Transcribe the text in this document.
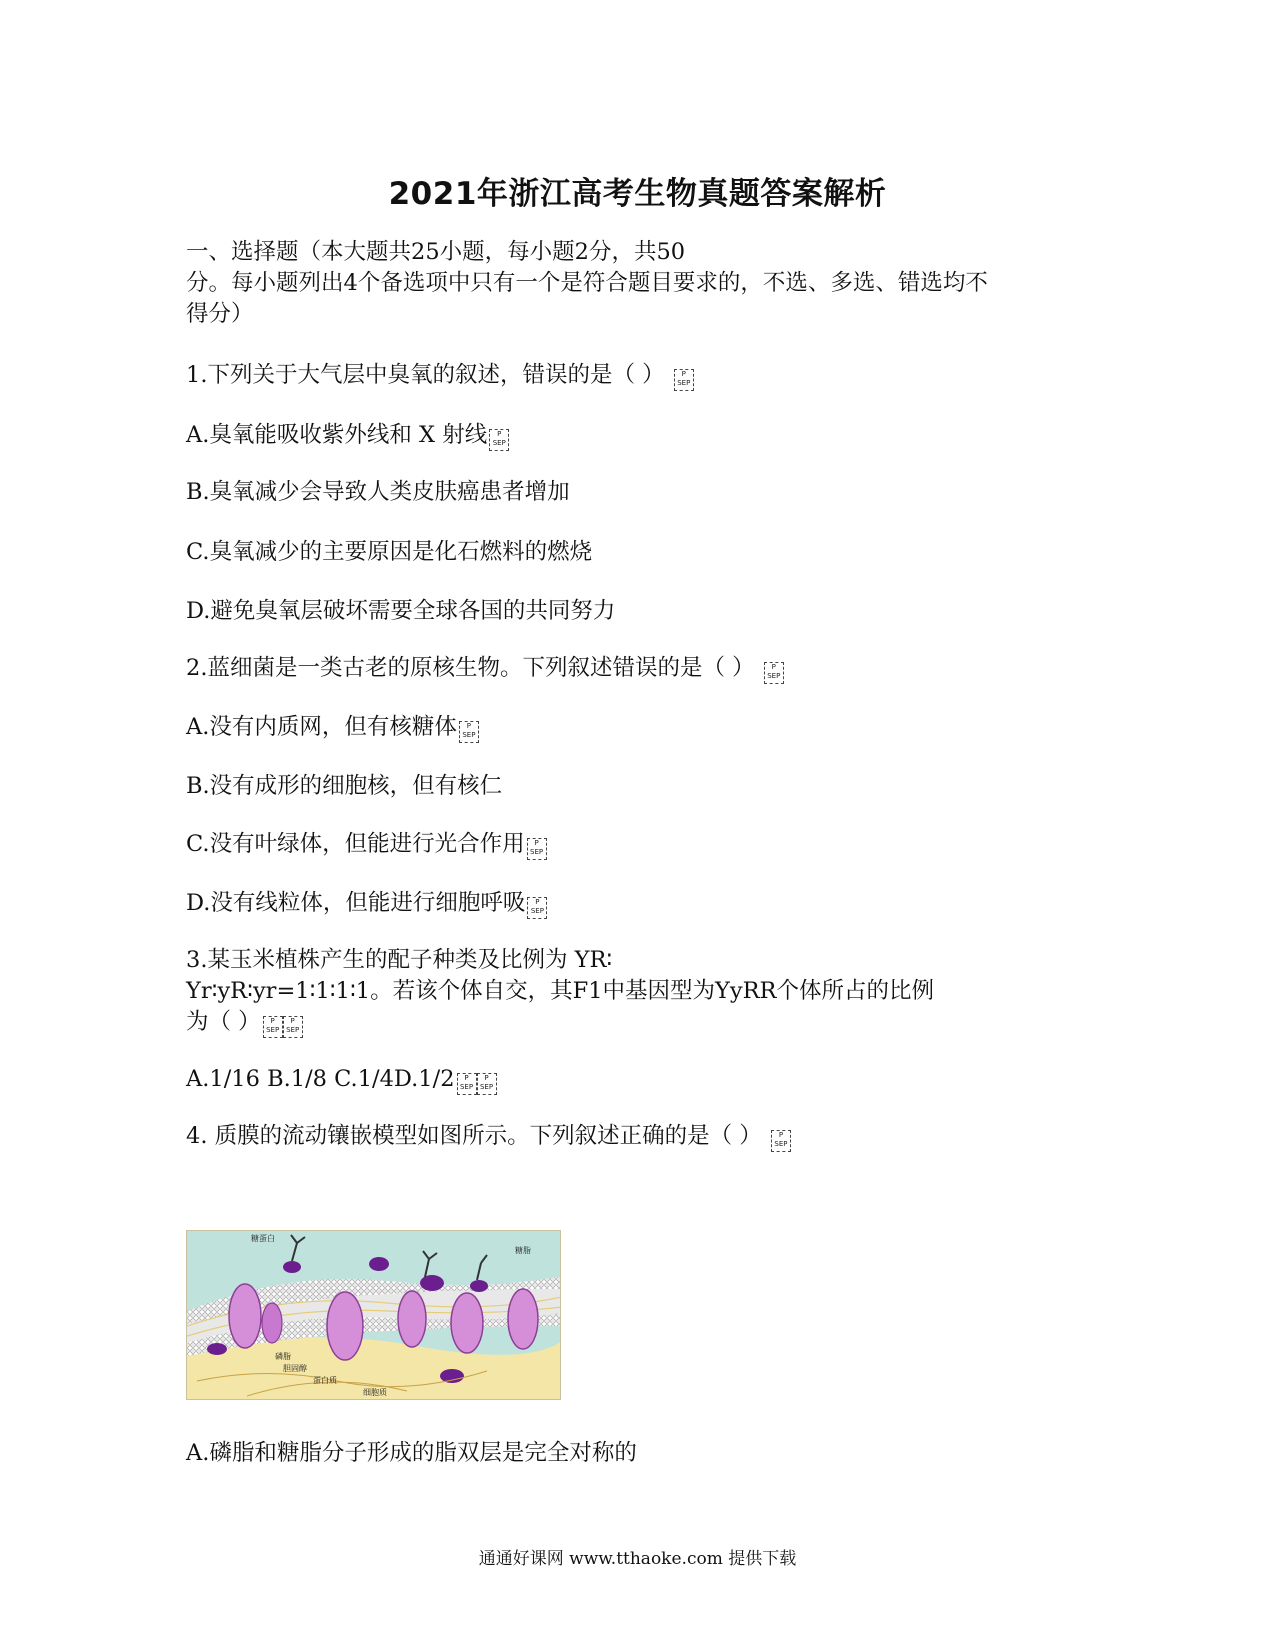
2021年浙江高考生物真题答案解析
一、选择题（本大题共25小题，每小题2分，共50
分。每小题列出4个备选项中只有一个是符合题目要求的，不选、多选、错选均不
得分）
1.下列关于大气层中臭氧的叙述，错误的是（ ）	P
SEP
A.臭氧能吸收紫外线和 X 射线	P
SEP
B.臭氧减少会导致人类皮肤癌患者增加
C.臭氧减少的主要原因是化石燃料的燃烧
D.避免臭氧层破坏需要全球各国的共同努力
2.蓝细菌是一类古老的原核生物。下列叙述错误的是（ ）	P
SEP
A.没有内质网，但有核糖体	P
SEP
B.没有成形的细胞核，但有核仁
C.没有叶绿体，但能进行光合作用	P
SEP
D.没有线粒体，但能进行细胞呼吸	P
SEP
3.某玉米植株产生的配子种类及比例为 YR∶
Yr∶yR∶yr=1∶1∶1∶1。若该个体自交，其F1中基因型为YyRR个体所占的比例
为（ ）	P
SEP
P
SEP
A.1/16 B.1/8 C.1/4D.1/2	P
SEP
P
SEP
4. 质膜的流动镶嵌模型如图所示。下列叙述正确的是（ ）	P
SEP
糖蛋白
糖脂
磷脂
胆固醇
蛋白质
细胞质
A.磷脂和糖脂分子形成的脂双层是完全对称的
通通好课网 www.tthaoke.com 提供下载
